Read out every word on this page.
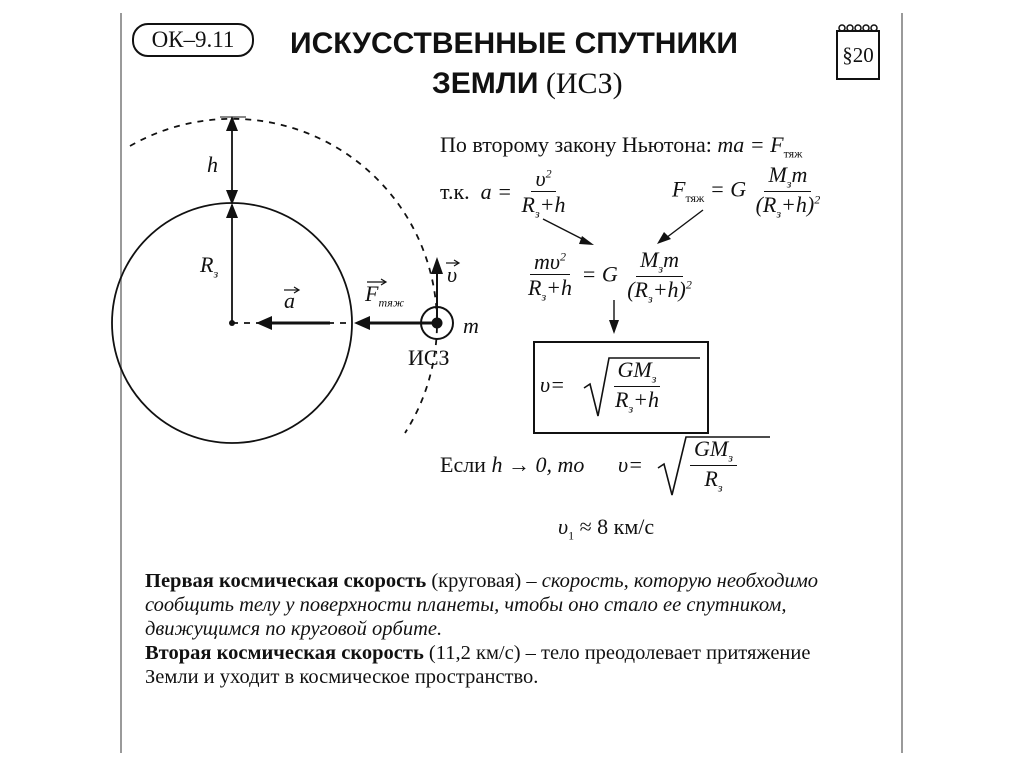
ОК–9.11	ИСКУССТВЕННЫЕ СПУТНИКИ
ЗЕМЛИ (ИСЗ)
§20
h
$R_з$
a	$F_{тяж}$
υ
m
ИСЗ
По второму закону Ньютона: ma = $F_{тяж}$
т.к. $a = \frac{\upsilon^2}{R_з+h}$	$F_{тяж} = G \frac{M_зm}{(R_з+h)^2}$
$\frac{m\upsilon^2}{R_з+h} = G \frac{M_зm}{(R_з+h)^2}$
$\upsilon= \frac{GM_з}{R_з+h}$
Если h → 0, то $\upsilon= \frac{GM_з}{R_з}$
$\upsilon_1 \approx 8$ км/с
Первая космическая скорость (круговая) – скорость, которую необходимо сообщить телу у поверхности планеты, чтобы оно стало ее спутником, движущимся по круговой орбите.
Вторая космическая скорость (11,2 км/с) – тело преодолевает притяжение Земли и уходит в космическое пространство.
